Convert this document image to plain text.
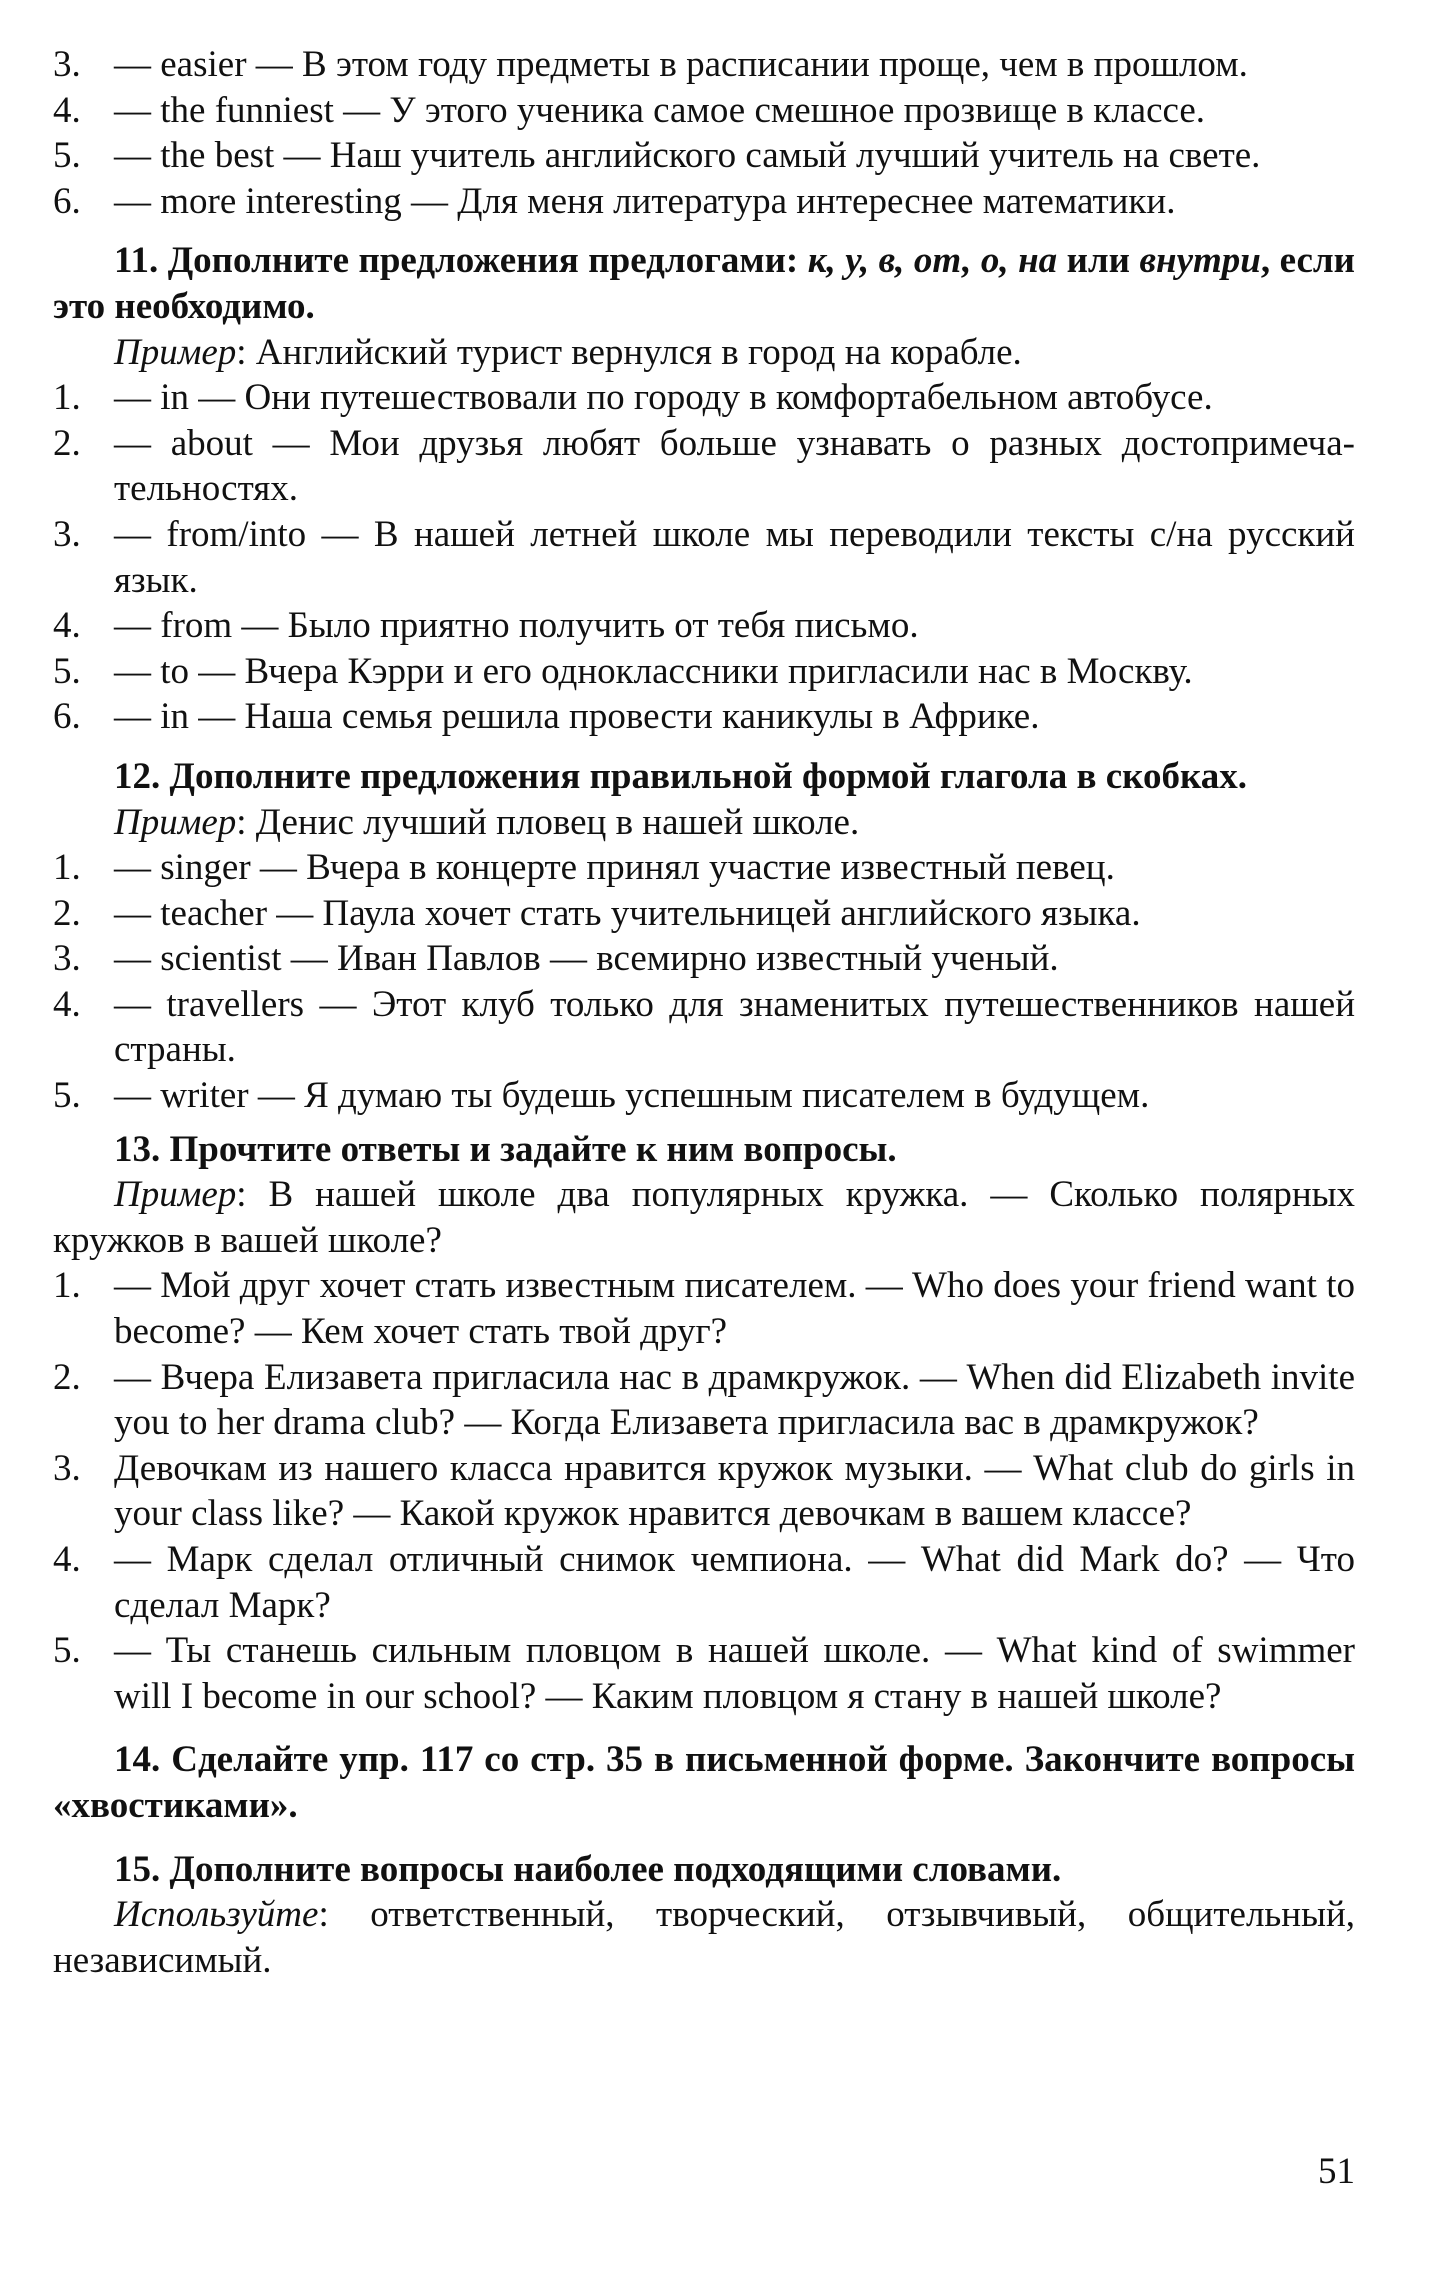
3. — easier — В этом году предметы в расписании проще, чем в прошлом.
4. — the funniest — У этого ученика самое смешное прозвище в классе.
5. — the best — Наш учитель английского самый лучший учитель на свете.
6. — more interesting — Для меня литература интереснее математики.
11. Дополните предложения предлогами: к, у, в, от, о, на или внутри, если это необходимо.
Пример: Английский турист вернулся в город на корабле.
1. — in — Они путешествовали по городу в комфортабельном автобусе.
2. — about — Мои друзья любят больше узнавать о разных достопримечательностях.
3. — from/into — В нашей летней школе мы переводили тексты с/на русский язык.
4. — from — Было приятно получить от тебя письмо.
5. — to — Вчера Кэрри и его одноклассники пригласили нас в Москву.
6. — in — Наша семья решила провести каникулы в Африке.
12. Дополните предложения правильной формой глагола в скобках.
Пример: Денис лучший пловец в нашей школе.
1. — singer — Вчера в концерте принял участие известный певец.
2. — teacher — Паула хочет стать учительницей английского языка.
3. — scientist — Иван Павлов — всемирно известный ученый.
4. — travellers — Этот клуб только для знаменитых путешественников нашей страны.
5. — writer — Я думаю ты будешь успешным писателем в будущем.
13. Прочтите ответы и задайте к ним вопросы.
Пример: В нашей школе два популярных кружка. — Сколько полярных кружков в вашей школе?
1. — Мой друг хочет стать известным писателем. — Who does your friend want to become? — Кем хочет стать твой друг?
2. — Вчера Елизавета пригласила нас в драмкружок. — When did Elizabeth invite you to her drama club? — Когда Елизавета пригласила вас в драмкружок?
3. Девочкам из нашего класса нравится кружок музыки. — What club do girls in your class like? — Какой кружок нравится девочкам в вашем классе?
4. — Марк сделал отличный снимок чемпиона. — What did Mark do? — Что сделал Марк?
5. — Ты станешь сильным пловцом в нашей школе. — What kind of swimmer will I become in our school? — Каким пловцом я стану в нашей школе?
14. Сделайте упр. 117 со стр. 35 в письменной форме. Закончите вопросы «хвостиками».
15. Дополните вопросы наиболее подходящими словами.
Используйте: ответственный, творческий, отзывчивый, общительный, независимый.
51
